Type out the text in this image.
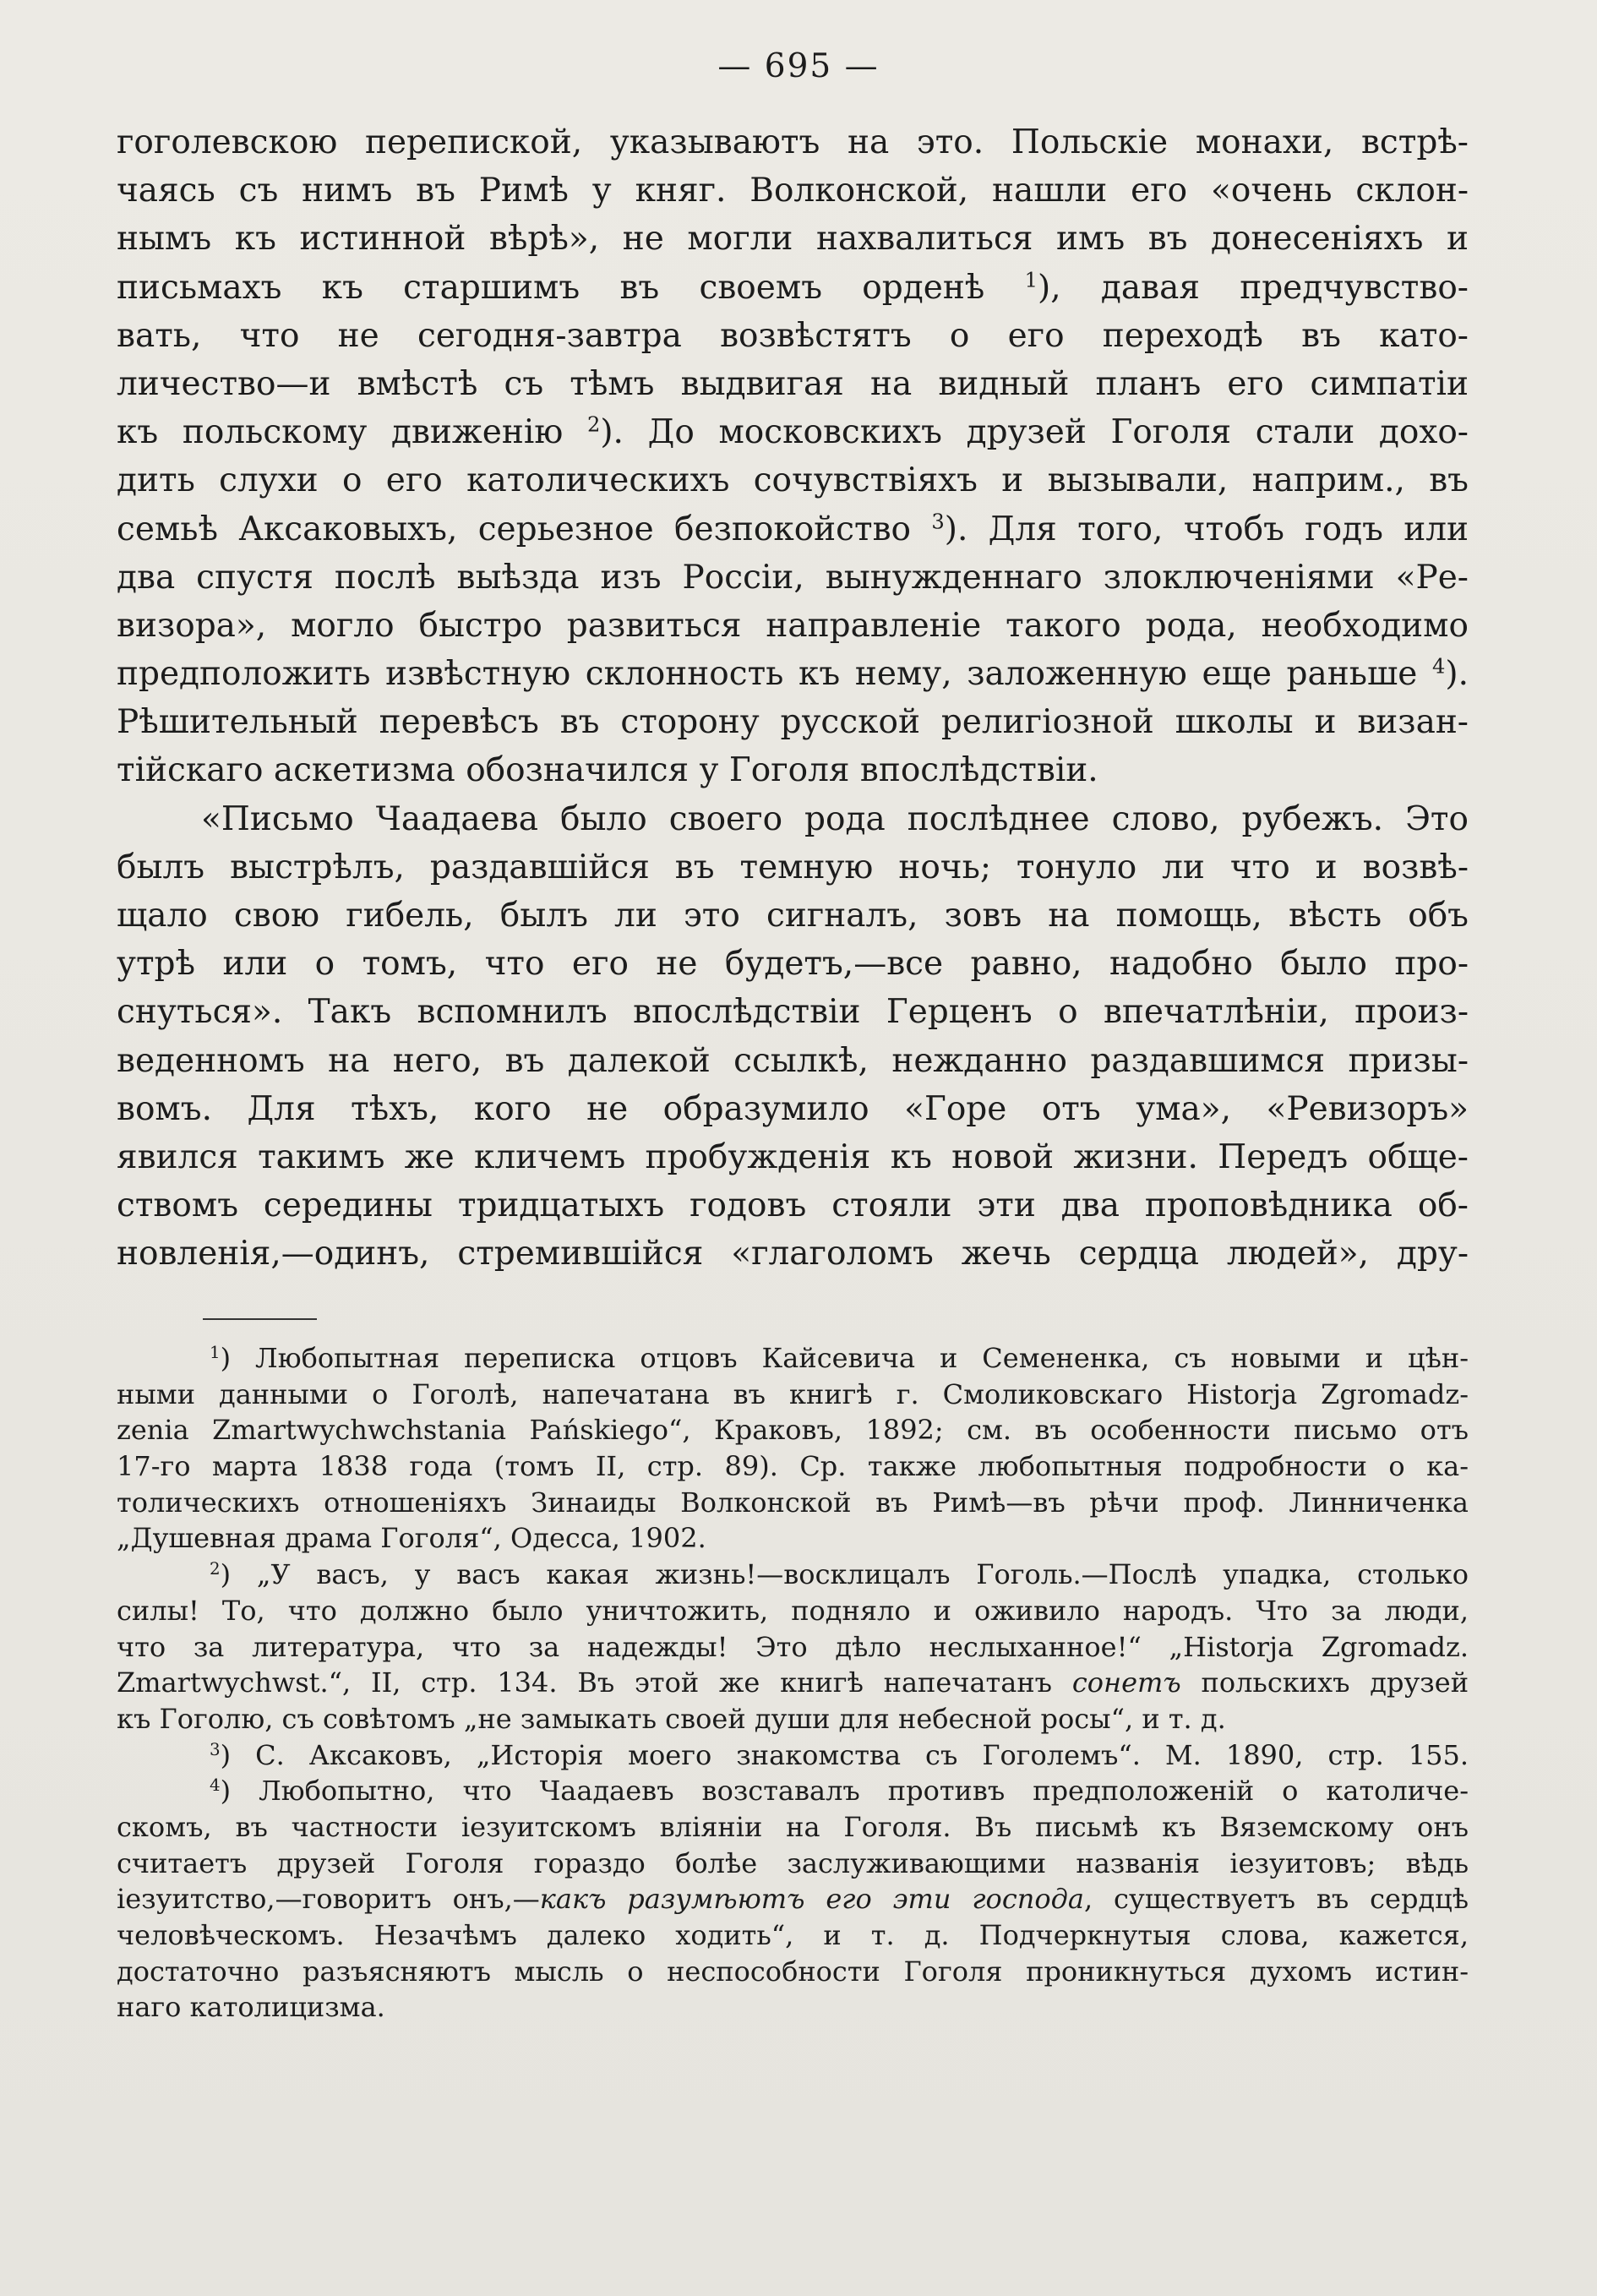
— 695 —
гоголевскою перепиской, указываютъ на это. Польскіе монахи, встрѣ-
чаясь съ нимъ въ Римѣ у княг. Волконской, нашли его «очень склон-
нымъ къ истинной вѣрѣ», не могли нахвалиться имъ въ донесеніяхъ и
письмахъ къ старшимъ въ своемъ орденѣ $^1$), давая предчувство-
вать, что не сегодня-завтра возвѣстятъ о его переходѣ въ като-
личество—и вмѣстѣ съ тѣмъ выдвигая на видный планъ его симпатіи
къ польскому движенію $^2$). До московскихъ друзей Гоголя стали дохо-
дить слухи о его католическихъ сочувствіяхъ и вызывали, наприм., въ
семьѣ Аксаковыхъ, серьезное безпокойство $^3$). Для того, чтобъ годъ или
два спустя послѣ выѣзда изъ Россіи, вынужденнаго злоключеніями «Ре-
визора», могло быстро развиться направленіе такого рода, необходимо
предположить извѣстную склонность къ нему, заложенную еще раньше $^4$).
Рѣшительный перевѣсъ въ сторону русской религіозной школы и визан-
тійскаго аскетизма обозначился у Гоголя впослѣдствіи.
«Письмо Чаадаева было своего рода послѣднее слово, рубежъ. Это
былъ выстрѣлъ, раздавшійся въ темную ночь; тонуло ли что и возвѣ-
щало свою гибель, былъ ли это сигналъ, зовъ на помощь, вѣсть объ
утрѣ или о томъ, что его не будетъ,—все равно, надобно было про-
снуться». Такъ вспомнилъ впослѣдствіи Герценъ о впечатлѣніи, произ-
веденномъ на него, въ далекой ссылкѣ, нежданно раздавшимся призы-
вомъ. Для тѣхъ, кого не образумило «Горе отъ ума», «Ревизоръ»
явился такимъ же кличемъ пробужденія къ новой жизни. Передъ обще-
ствомъ середины тридцатыхъ годовъ стояли эти два проповѣдника об-
новленія,—одинъ, стремившійся «глаголомъ жечь сердца людей», дру-
$^1$) Любопытная переписка отцовъ Кайсевича и Семененка, съ новыми и цѣн-
ными данными о Гоголѣ, напечатана въ книгѣ г. Смоликовскаго Historja Zgromadz-
zenia Zmartwychwchstania Pańskiego“, Краковъ, 1892; см. въ особенности письмо отъ
17-го марта 1838 года (томъ II, стр. 89). Ср. также любопытныя подробности о ка-
толическихъ отношеніяхъ Зинаиды Волконской въ Римѣ—въ рѣчи проф. Линниченка
„Душевная драма Гоголя“, Одесса, 1902.
$^2$) „У васъ, у васъ какая жизнь!—восклицалъ Гоголь.—Послѣ упадка, столько
силы! То, что должно было уничтожить, подняло и оживило народъ. Что за люди,
что за литература, что за надежды! Это дѣло неслыханное!“ „Historja Zgromadz.
Zmartwychwst.“, II, стр. 134. Въ этой же книгѣ напечатанъ сонетъ польскихъ друзей
къ Гоголю, съ совѣтомъ „не замыкать своей души для небесной росы“, и т. д.
$^3$) С. Аксаковъ, „Исторія моего знакомства съ Гоголемъ“. М. 1890, стр. 155.
$^4$) Любопытно, что Чаадаевъ возставалъ противъ предположеній о католиче-
скомъ, въ частности іезуитскомъ вліяніи на Гоголя. Въ письмѣ къ Вяземскому онъ
считаетъ друзей Гоголя гораздо болѣе заслуживающими названія іезуитовъ; вѣдь
іезуитство,—говоритъ онъ,—какъ разумѣютъ его эти господа, существуетъ въ сердцѣ
человѣческомъ. Незачѣмъ далеко ходить“, и т. д. Подчеркнутыя слова, кажется,
достаточно разъясняютъ мысль о неспособности Гоголя проникнуться духомъ истин-
наго католицизма.
